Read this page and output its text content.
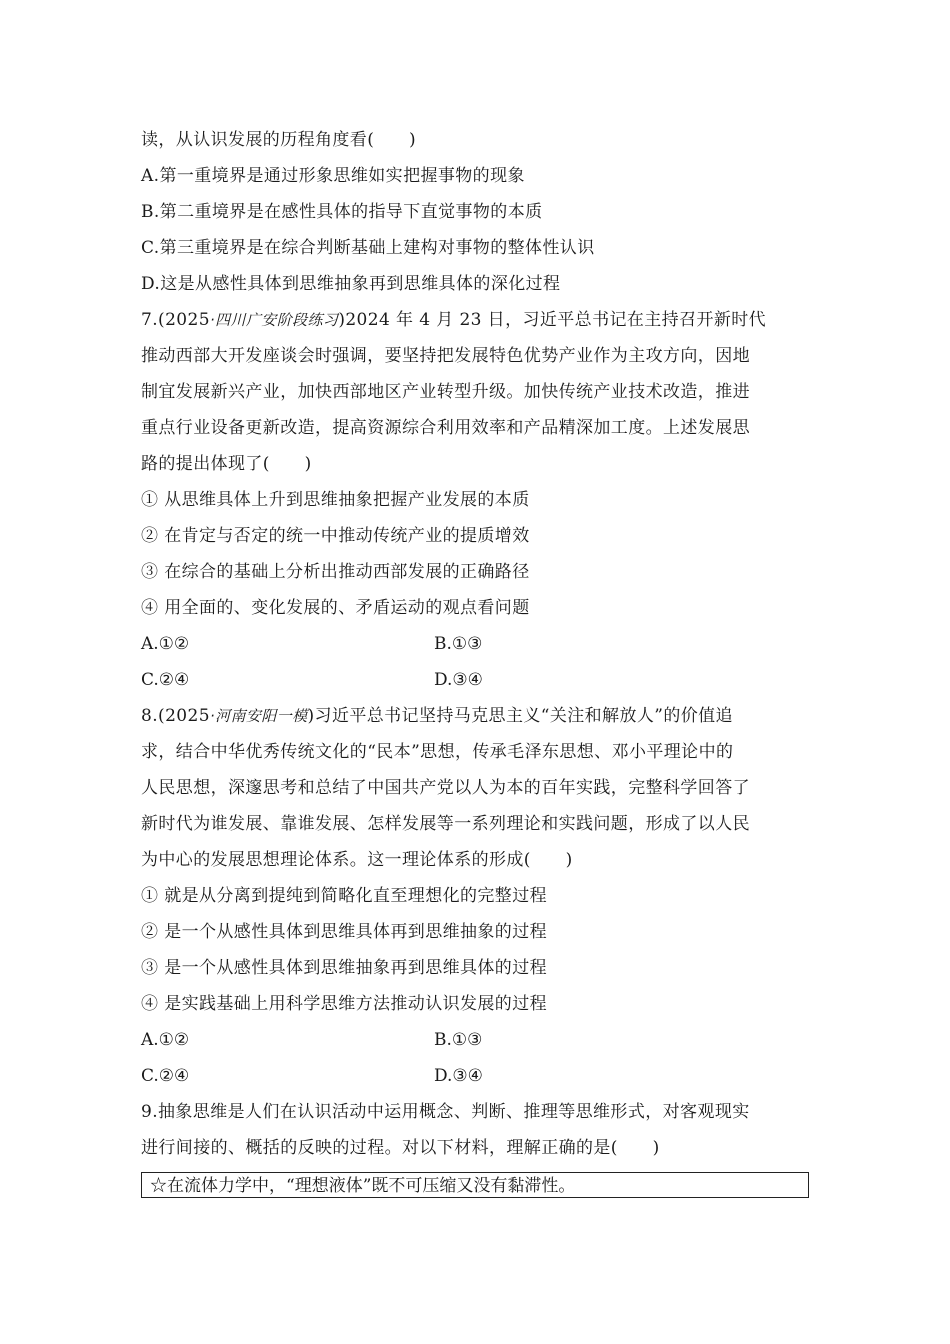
读，从认识发展的历程角度看(　　)
A.第一重境界是通过形象思维如实把握事物的现象
B.第二重境界是在感性具体的指导下直觉事物的本质
C.第三重境界是在综合判断基础上建构对事物的整体性认识
D.这是从感性具体到思维抽象再到思维具体的深化过程
7.(2025·四川广安阶段练习)2024 年 4 月 23 日，习近平总书记在主持召开新时代
推动西部大开发座谈会时强调，要坚持把发展特色优势产业作为主攻方向，因地
制宜发展新兴产业，加快西部地区产业转型升级。加快传统产业技术改造，推进
重点行业设备更新改造，提高资源综合利用效率和产品精深加工度。上述发展思
路的提出体现了(　　)
① 从思维具体上升到思维抽象把握产业发展的本质
② 在肯定与否定的统一中推动传统产业的提质增效
③ 在综合的基础上分析出推动西部发展的正确路径
④ 用全面的、变化发展的、矛盾运动的观点看问题
A.①②	B.①③
C.②④	D.③④
8.(2025·河南安阳一模)习近平总书记坚持马克思主义“关注和解放人”的价值追
求，结合中华优秀传统文化的“民本”思想，传承毛泽东思想、邓小平理论中的
人民思想，深邃思考和总结了中国共产党以人为本的百年实践，完整科学回答了
新时代为谁发展、靠谁发展、怎样发展等一系列理论和实践问题，形成了以人民
为中心的发展思想理论体系。这一理论体系的形成(　　)
① 就是从分离到提纯到简略化直至理想化的完整过程
② 是一个从感性具体到思维具体再到思维抽象的过程
③ 是一个从感性具体到思维抽象再到思维具体的过程
④ 是实践基础上用科学思维方法推动认识发展的过程
A.①②	B.①③
C.②④	D.③④
9.抽象思维是人们在认识活动中运用概念、判断、推理等思维形式，对客观现实
进行间接的、概括的反映的过程。对以下材料，理解正确的是(　　)
☆在流体力学中，“理想液体”既不可压缩又没有黏滞性。
